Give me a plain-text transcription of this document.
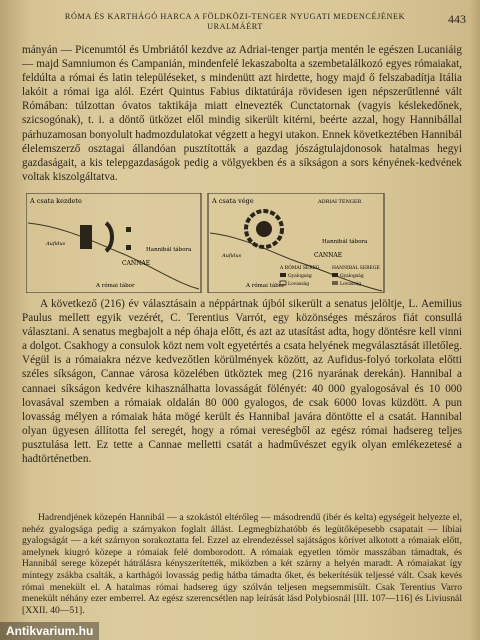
RÓMA ÉS KARTHÁGÓ HARCA A FÖLDKÖZI-TENGER NYUGATI MEDENCÉJÉNEK URALMÁÉRT
443

mányán — Picenumtól és Umbriától kezdve az Adriai-tenger partja mentén le egészen Lucaniáig — majd Samniumon és Campanián, mindenfelé lekaszabolta a szembetalálkozó egyes rómaiakat, feldúlta a római és latin településeket, s mindenütt azt hirdette, hogy majd ő felszabadítja Itália lakóit a római iga alól. Ezért Quintus Fabius diktatúrája rövidesen igen népszerűtlenné vált Rómában: túlzottan óvatos taktikája miatt elnevezték Cunctatornak (vagyis késlekedőnek, szicsogónak), t. i. a döntő ütközet elől mindig sikerült kitérni, beérte azzal, hogy Hannibállal párhuzamosan bonyolult hadmozdulatokat végzett a hegyi utakon. Ennek következtében Hannibál élelemszerző osztagai állandóan pusztították a gazdag jószágtulajdonosok hatalmas hegyi gazdaságait, a kis telepgazdaságok pedig a völgyekben és a síkságon a sors kényének-kedvének voltak kiszolgáltatva.

A csata kezdete
CANNAE
Hannibál tábora
A római tábor
Aufidus
A csata vége	ADRIAI TENGER
CANNAE
Hannibál tábora
A római tábor
Aufidus
A RÓMAI SEREG
Gyalogság
Lovasság
HANNIBÁL SEREGE
Gyalogság
Lovasság

A következő (216) év választásain a néppártnak újból sikerült a senatus jelöltje, L. Aemilius Paulus mellett egyik vezérét, C. Terentius Varrót, egy közönséges mészáros fiát consullá választani. A senatus megbajolt a nép óhaja előtt, és azt az utasítást adta, hogy döntésre kell vinni a dolgot. Csakhogy a consulok közt nem volt egyetértés a csata helyének megválasztását illetőleg. Végül is a rómaiakra nézve kedvezőtlen körülmények között, az Aufidus-folyó torkolata előtti széles síkságon, Cannae városa közelében ütköztek meg (216 nyarának derekán). Hannibal a cannaei síkságon kedvére kihasználhatta lovasságát fölényét: 40 000 gyalogosával és 10 000 lovasával szemben a rómaiak oldalán 80 000 gyalogos, de csak 6000 lovas küzdött. A pun lovasság mélyen a rómaiak háta mögé került és Hannibal javára döntötte el a csatát. Hannibal olyan ügyesen állította fel seregét, hogy a római vereségből az egész római hadsereg teljes pusztulása lett. Ez tette a Cannae melletti csatát a hadművészet egyik olyan emlékezetesé a hadtörténetben.

Hadrendjének közepén Hannibál — a szokástól eltérőleg — másodrendű (ibér és kelta) egységeit helyezte el, nehéz gyalogsága pedig a szárnyakon foglalt állást. Legmegbízhatóbb és legütőképesebb csapatait — líbiai gyalogságát — a két szárnyon sorakoztatta fel. Ezzel az elrendezéssel sajátságos körívet alkotott a rómaiak előtt, amelynek kiugró közepe a rómaiak felé domborodott. A rómaiak egyetlen tömör masszában támadtak, és Hannibál serege közepét hátrálásra kényszerítették, miközben a két szárny a helyén maradt. A rómaiakat így mintegy zsákba csalták, a karthágói lovasság pedig hátba támadta őket, és bekerítésük teljessé vált. Csak kevés római menekült el. A hatalmas római hadsereg úgy szólván teljesen megsemmisült. Csak Terentius Varro menekült néhány ezer emberrel. Az egész szerencsétlen nap leírását lásd Polybiosnál [III. 107—116] és Liviusnál [XXII. 40—51].

Antikvarium.hu
